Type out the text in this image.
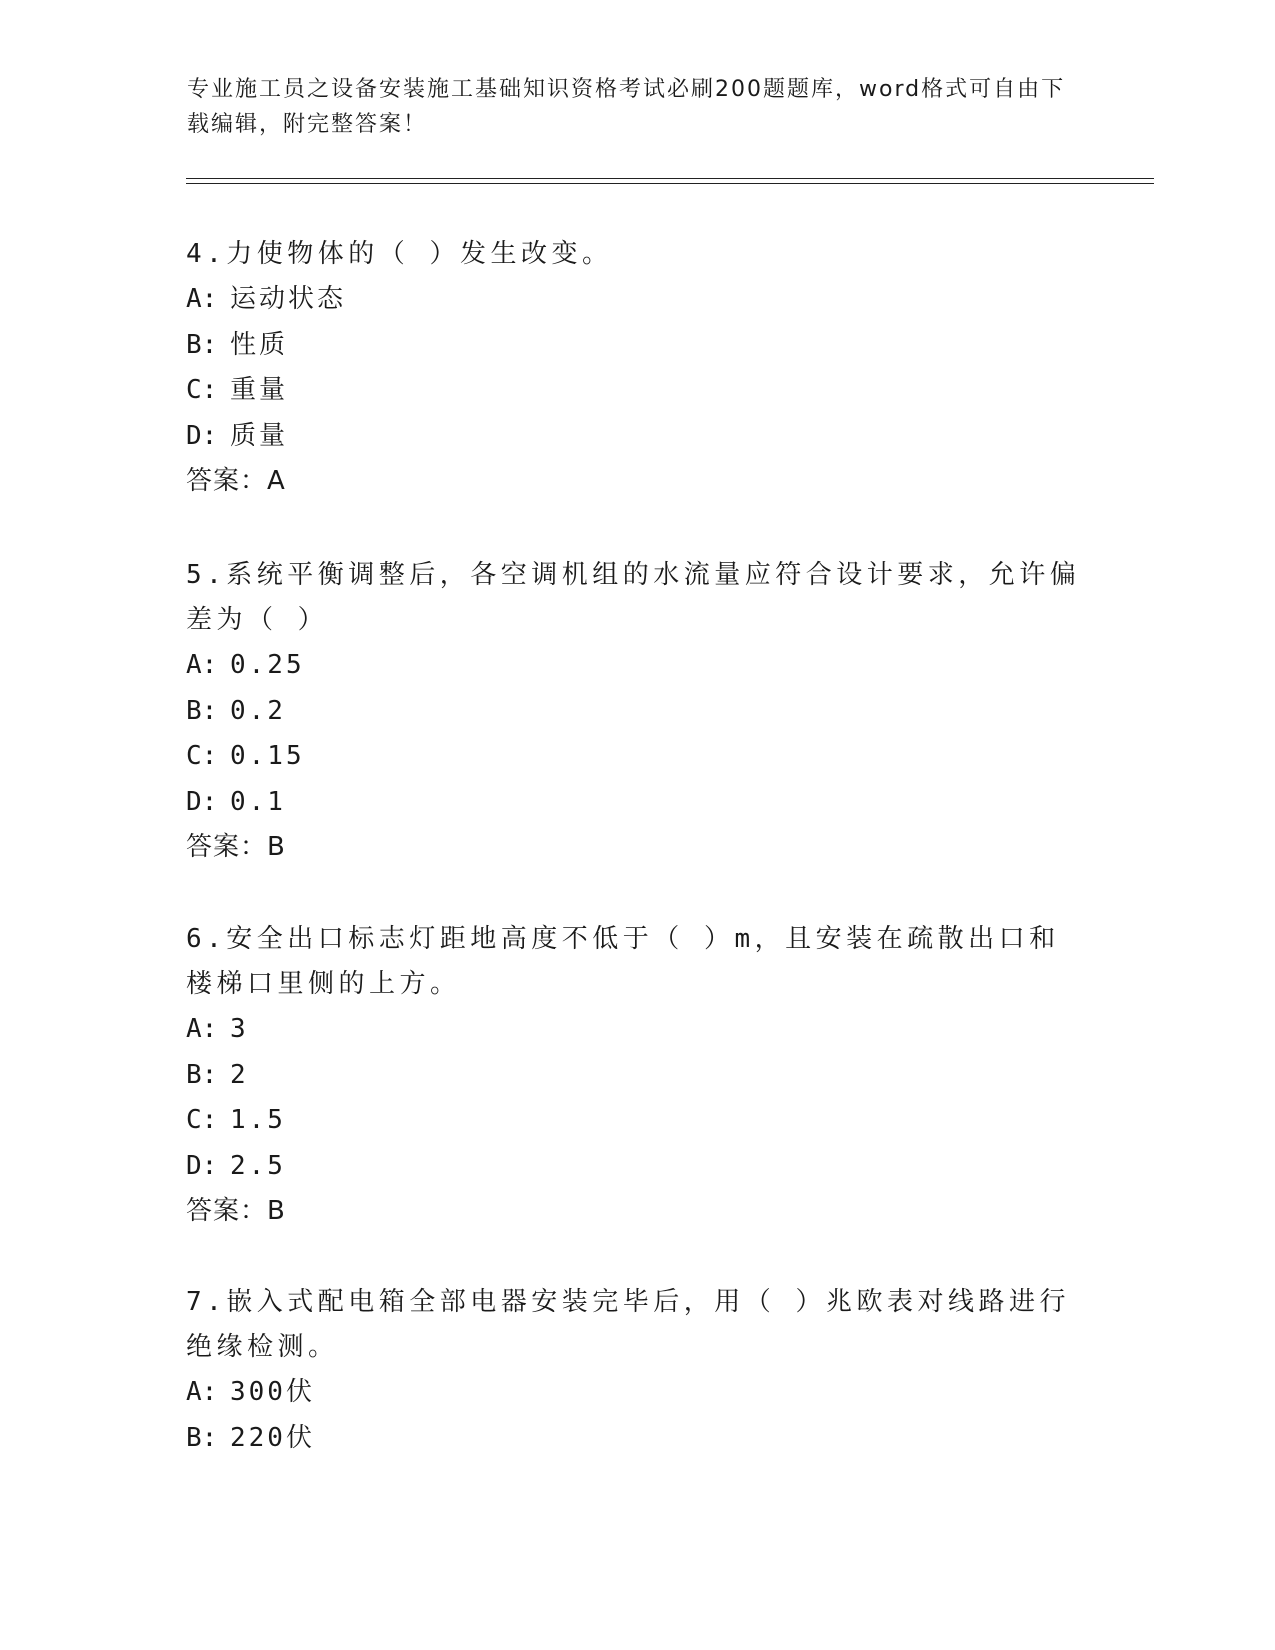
专业施工员之设备安装施工基础知识资格考试必刷200题题库，word格式可自由下载编辑，附完整答案！

4.力使物体的（ ）发生改变。

A: 运动状态

B: 性质

C: 重量

D: 质量

答案：A

5.系统平衡调整后，各空调机组的水流量应符合设计要求，允许偏差为（ ）

A: 0.25

B: 0.2

C: 0.15

D: 0.1

答案：B

6.安全出口标志灯距地高度不低于（ ）m，且安装在疏散出口和楼梯口里侧的上方。

A: 3

B: 2

C: 1.5

D: 2.5

答案：B

7.嵌入式配电箱全部电器安装完毕后，用（ ）兆欧表对线路进行绝缘检测。

A: 300伏

B: 220伏
